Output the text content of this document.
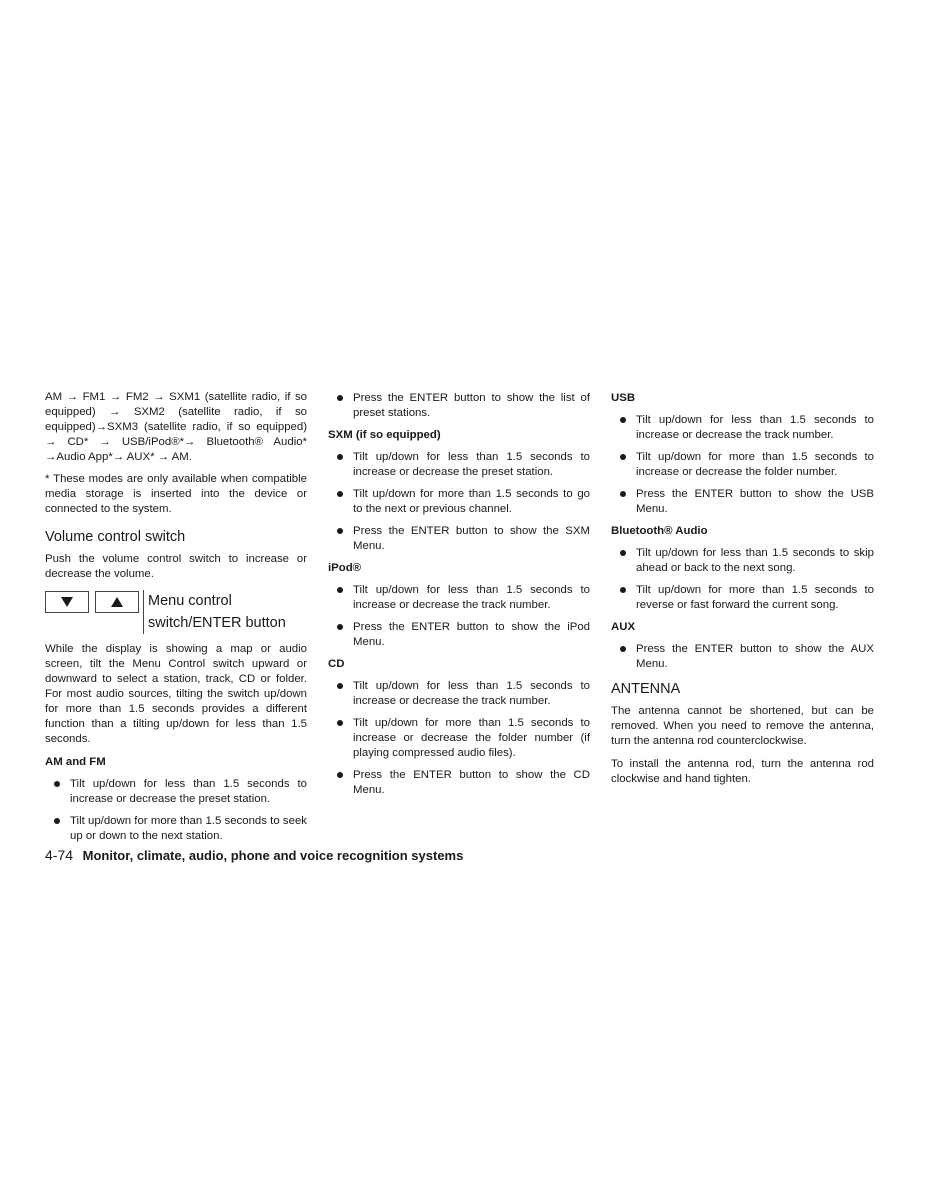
AM → FM1 → FM2 → SXM1 (satellite radio, if so equipped) → SXM2 (satellite radio, if so equipped)→SXM3 (satellite radio, if so equipped) → CD* → USB/iPod®*→ Bluetooth® Audio* →Audio App*→ AUX* → AM.

* These modes are only available when compatible media storage is inserted into the device or connected to the system.

Volume control switch

Push the volume control switch to increase or decrease the volume.

Menu control
switch/ENTER button

While the display is showing a map or audio screen, tilt the Menu Control switch upward or downward to select a station, track, CD or folder. For most audio sources, tilting the switch up/down for more than 1.5 seconds provides a different function than a tilting up/down for less than 1.5 seconds.

AM and FM
Tilt up/down for less than 1.5 seconds to increase or decrease the preset station.
Tilt up/down for more than 1.5 seconds to seek up or down to the next station.
Press the ENTER button to show the list of preset stations.
SXM (if so equipped)
Tilt up/down for less than 1.5 seconds to increase or decrease the preset station.
Tilt up/down for more than 1.5 seconds to go to the next or previous channel.
Press the ENTER button to show the SXM Menu.
iPod®
Tilt up/down for less than 1.5 seconds to increase or decrease the track number.
Press the ENTER button to show the iPod Menu.
CD
Tilt up/down for less than 1.5 seconds to increase or decrease the track number.
Tilt up/down for more than 1.5 seconds to increase or decrease the folder number (if playing compressed audio files).
Press the ENTER button to show the CD Menu.
USB
Tilt up/down for less than 1.5 seconds to increase or decrease the track number.
Tilt up/down for more than 1.5 seconds to increase or decrease the folder number.
Press the ENTER button to show the USB Menu.
Bluetooth® Audio
Tilt up/down for less than 1.5 seconds to skip ahead or back to the next song.
Tilt up/down for more than 1.5 seconds to reverse or fast forward the current song.
AUX
Press the ENTER button to show the AUX Menu.
ANTENNA

The antenna cannot be shortened, but can be removed. When you need to remove the antenna, turn the antenna rod counterclockwise.

To install the antenna rod, turn the antenna rod clockwise and hand tighten.

4-74 Monitor, climate, audio, phone and voice recognition systems
